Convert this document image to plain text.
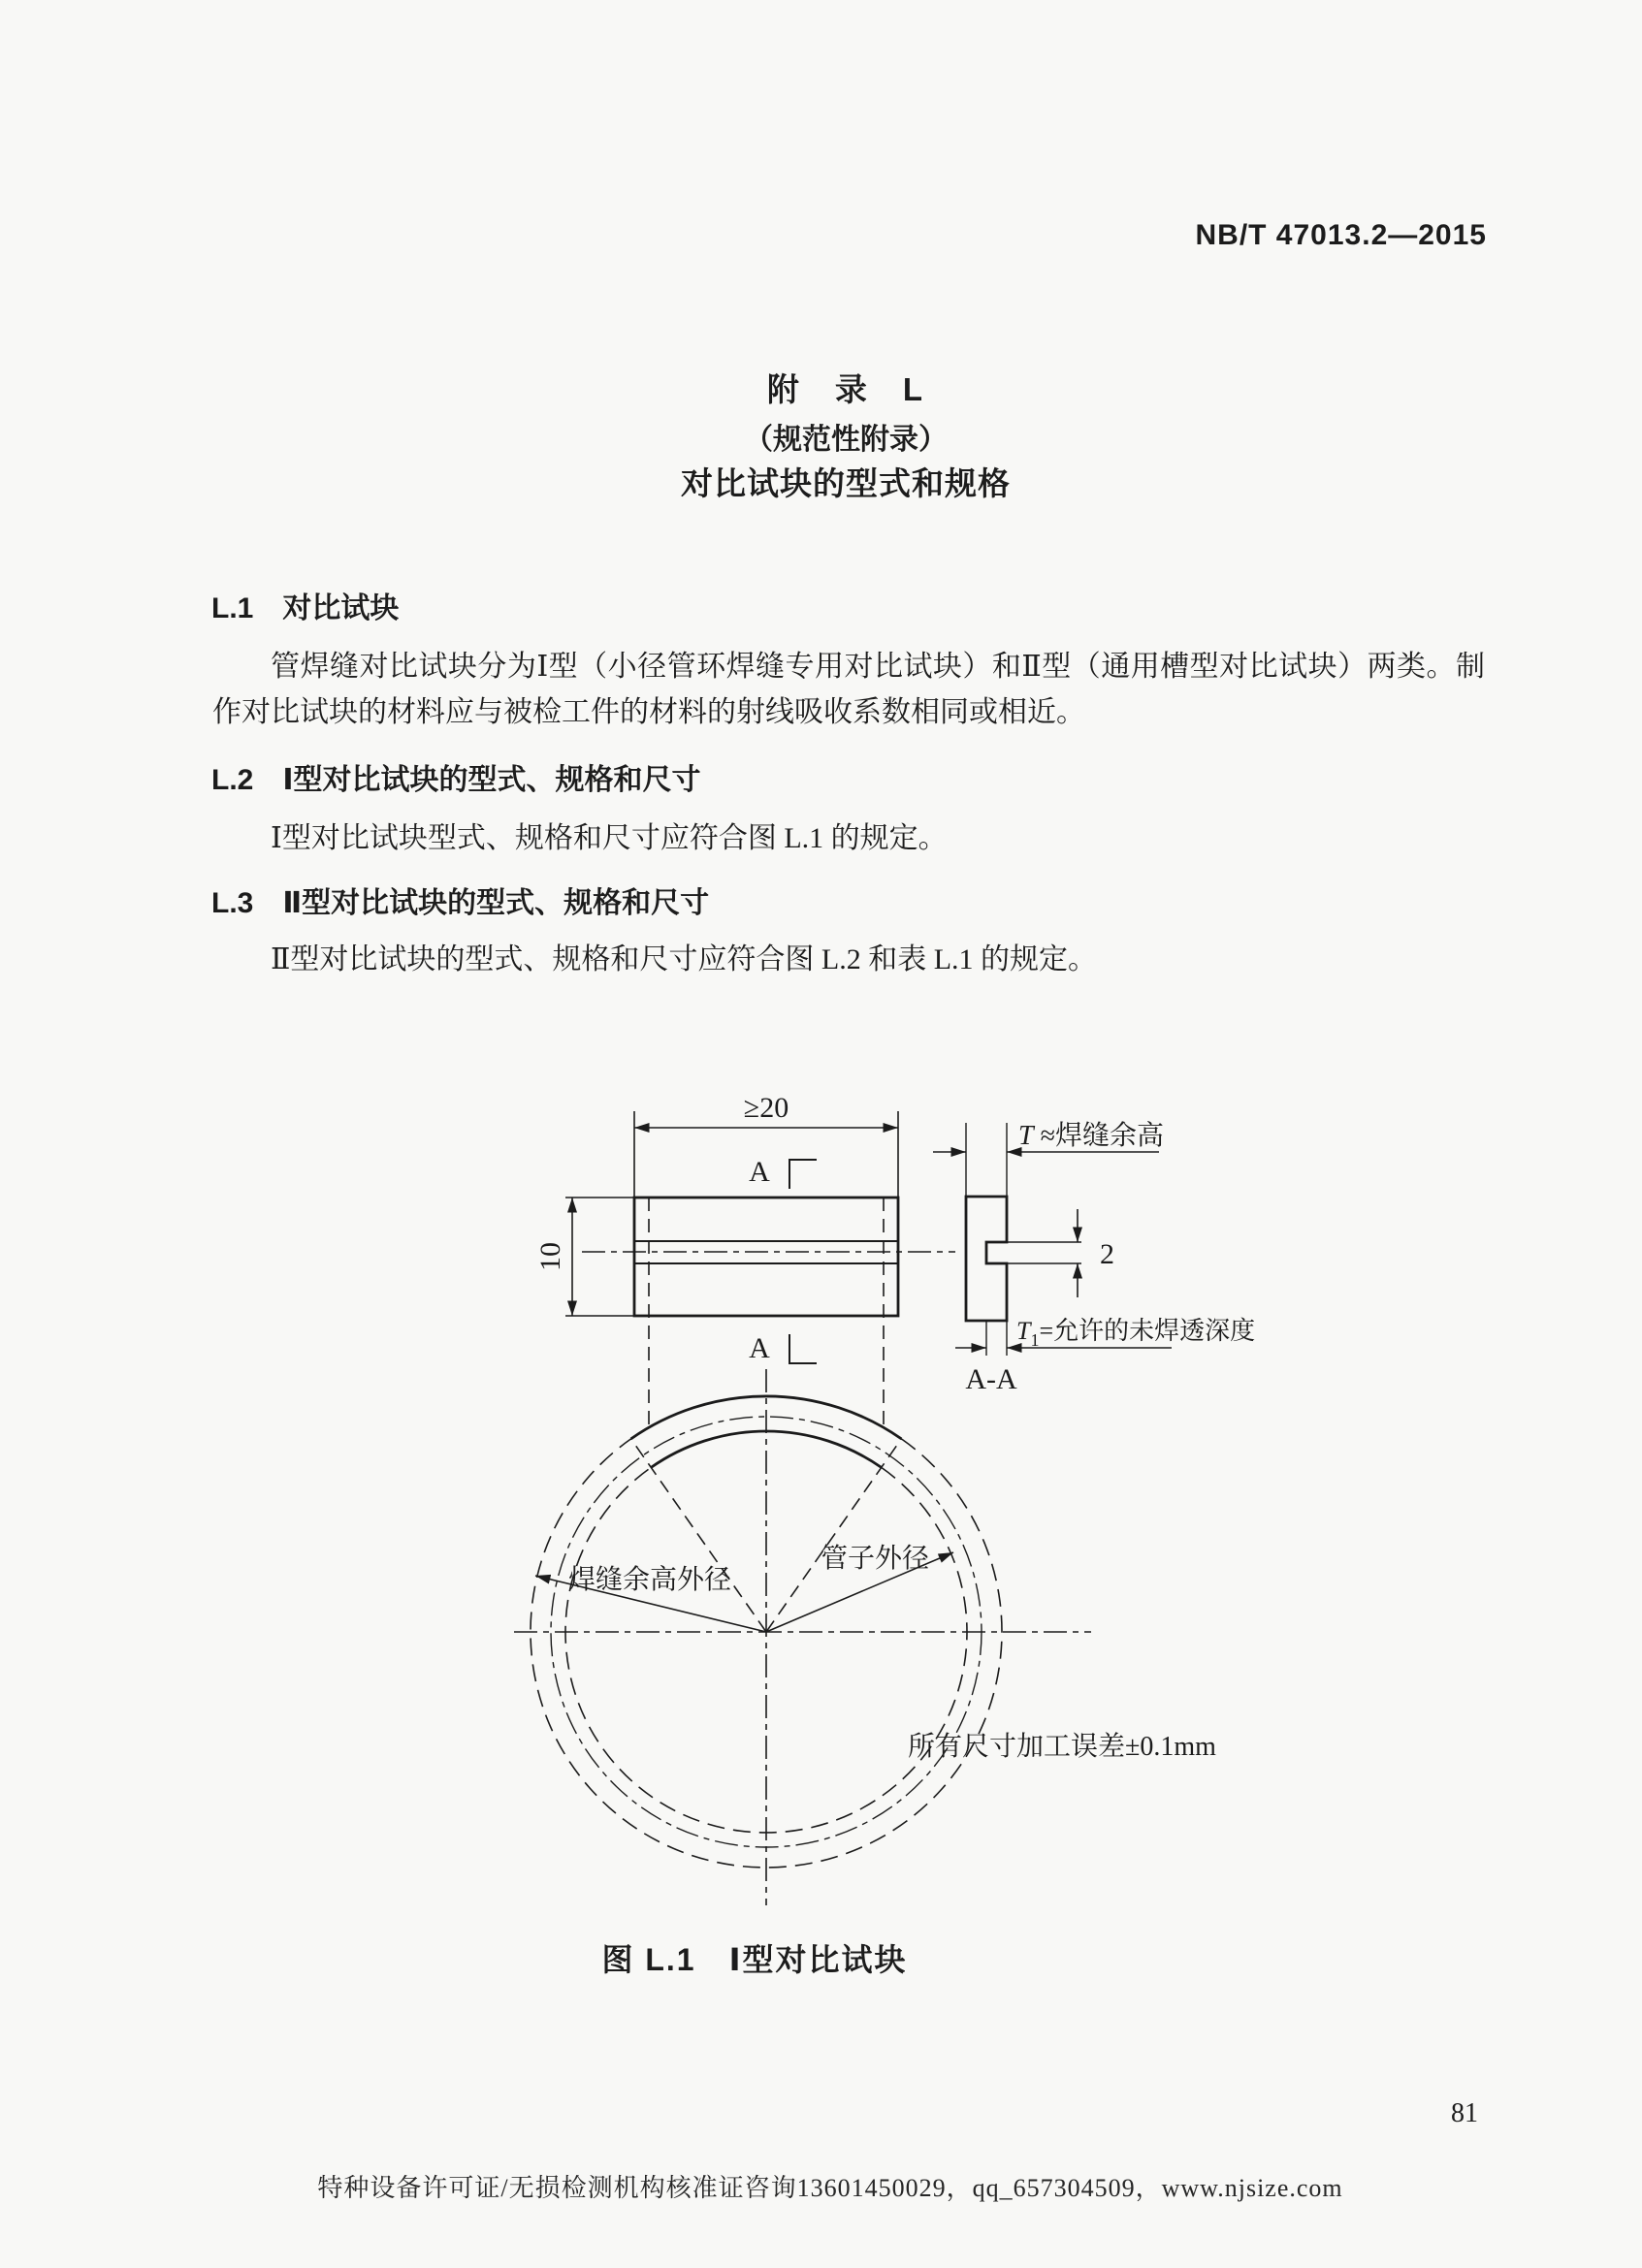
NB/T 47013.2—2015
附　录　L
（规范性附录）
对比试块的型式和规格
L.1　对比试块
管焊缝对比试块分为Ⅰ型（小径管环焊缝专用对比试块）和Ⅱ型（通用槽型对比试块）两类。制作对比试块的材料应与被检工件的材料的射线吸收系数相同或相近。
L.2　Ⅰ型对比试块的型式、规格和尺寸
Ⅰ型对比试块型式、规格和尺寸应符合图 L.1 的规定。
L.3　Ⅱ型对比试块的型式、规格和尺寸
Ⅱ型对比试块的型式、规格和尺寸应符合图 L.2 和表 L.1 的规定。
≥20
10
A
A
2
T ≈焊缝余高
$T_1=$允许的未焊透深度
A-A
焊缝余高外径
管子外径
所有尺寸加工误差±0.1mm
图 L.1　Ⅰ型对比试块
81
特种设备许可证/无损检测机构核准证咨询13601450029，qq_657304509，www.njsize.com
